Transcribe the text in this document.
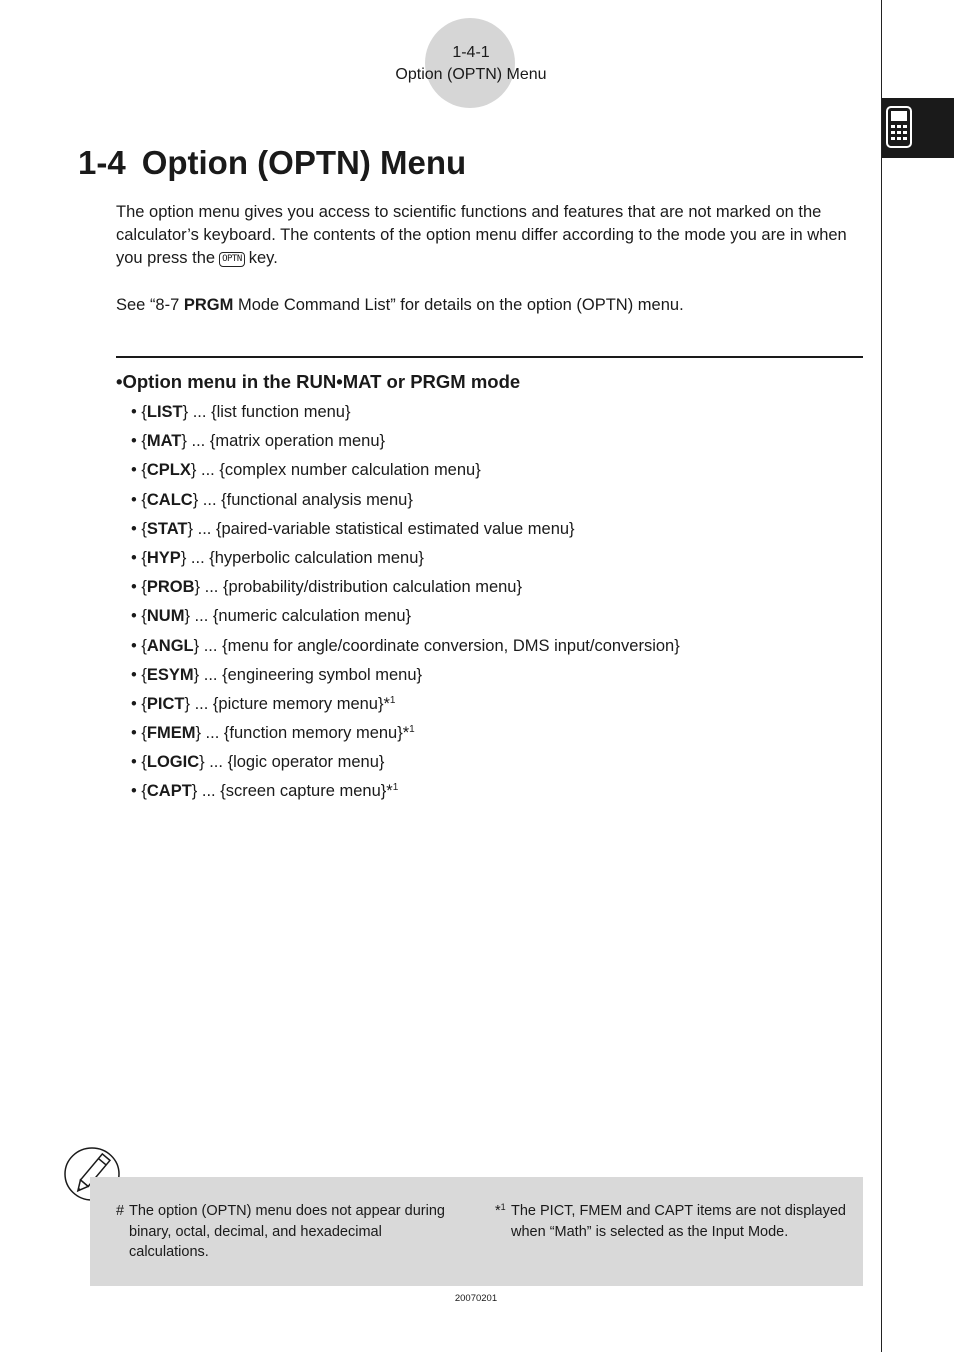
1-4-1
Option (OPTN) Menu
1-4 Option (OPTN) Menu

The option menu gives you access to scientific functions and features that are not marked on the calculator’s keyboard. The contents of the option menu differ according to the mode you are in when you press the OPTN key.

See “8-7 PRGM Mode Command List” for details on the option (OPTN) menu.

•Option menu in the RUN•MAT or PRGM mode
• {LIST} ... {list function menu}
• {MAT} ... {matrix operation menu}
• {CPLX} ... {complex number calculation menu}
• {CALC} ... {functional analysis menu}
• {STAT} ... {paired-variable statistical estimated value menu}
• {HYP} ... {hyperbolic calculation menu}
• {PROB} ... {probability/distribution calculation menu}
• {NUM} ... {numeric calculation menu}
• {ANGL} ... {menu for angle/coordinate conversion, DMS input/conversion}
• {ESYM} ... {engineering symbol menu}
• {PICT} ... {picture memory menu}*$^1$
• {FMEM} ... {function memory menu}*$^1$
• {LOGIC} ... {logic operator menu}
• {CAPT} ... {screen capture menu}*$^1$
# The option (OPTN) menu does not appear during binary, octal, decimal, and hexadecimal calculations.
*$^1$ The PICT, FMEM and CAPT items are not displayed when “Math” is selected as the Input Mode.
20070201
